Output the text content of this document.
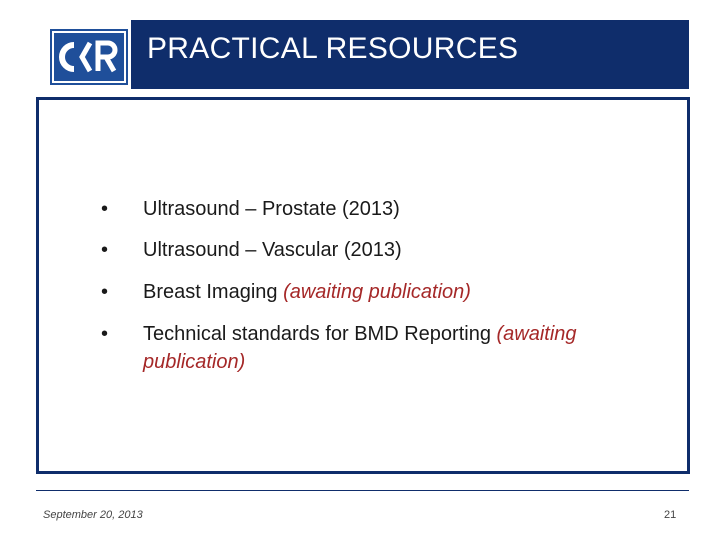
PRACTICAL RESOURCES
• Ultrasound – Prostate (2013)
• Ultrasound – Vascular (2013)
• Breast Imaging (awaiting publication)
• Technical standards for BMD Reporting (awaiting publication)
September 20, 2013	21
